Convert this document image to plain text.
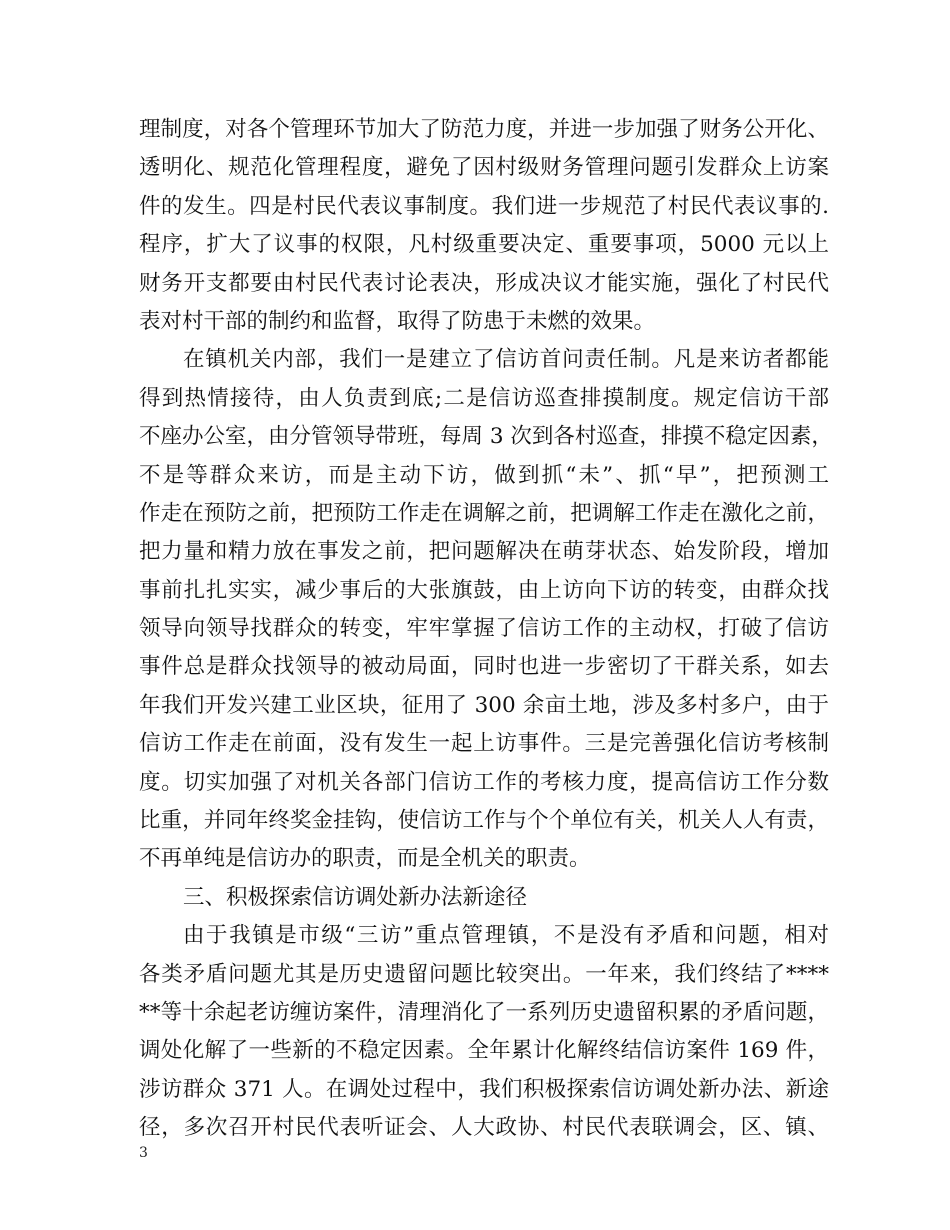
理制度，对各个管理环节加大了防范力度，并进一步加强了财务公开化、
透明化、规范化管理程度，避免了因村级财务管理问题引发群众上访案
件的发生。四是村民代表议事制度。我们进一步规范了村民代表议事的.
程序，扩大了议事的权限，凡村级重要决定、重要事项，5000 元以上
财务开支都要由村民代表讨论表决，形成决议才能实施，强化了村民代
表对村干部的制约和监督，取得了防患于未燃的效果。
在镇机关内部，我们一是建立了信访首问责任制。凡是来访者都能
得到热情接待，由人负责到底;二是信访巡查排摸制度。规定信访干部
不座办公室，由分管领导带班，每周 3 次到各村巡查，排摸不稳定因素，
不是等群众来访，而是主动下访，做到抓“未”、抓“早”，把预测工
作走在预防之前，把预防工作走在调解之前，把调解工作走在激化之前，
把力量和精力放在事发之前，把问题解决在萌芽状态、始发阶段，增加
事前扎扎实实，减少事后的大张旗鼓，由上访向下访的转变，由群众找
领导向领导找群众的转变，牢牢掌握了信访工作的主动权，打破了信访
事件总是群众找领导的被动局面，同时也进一步密切了干群关系，如去
年我们开发兴建工业区块，征用了 300 余亩土地，涉及多村多户，由于
信访工作走在前面，没有发生一起上访事件。三是完善强化信访考核制
度。切实加强了对机关各部门信访工作的考核力度，提高信访工作分数
比重，并同年终奖金挂钩，使信访工作与个个单位有关，机关人人有责，
不再单纯是信访办的职责，而是全机关的职责。
三、积极探索信访调处新办法新途径
由于我镇是市级“三访”重点管理镇，不是没有矛盾和问题，相对
各类矛盾问题尤其是历史遗留问题比较突出。一年来，我们终结了****
**等十余起老访缠访案件，清理消化了一系列历史遗留积累的矛盾问题，
调处化解了一些新的不稳定因素。全年累计化解终结信访案件 169 件，
涉访群众 371 人。在调处过程中，我们积极探索信访调处新办法、新途
径，多次召开村民代表听证会、人大政协、村民代表联调会，区、镇、
3
